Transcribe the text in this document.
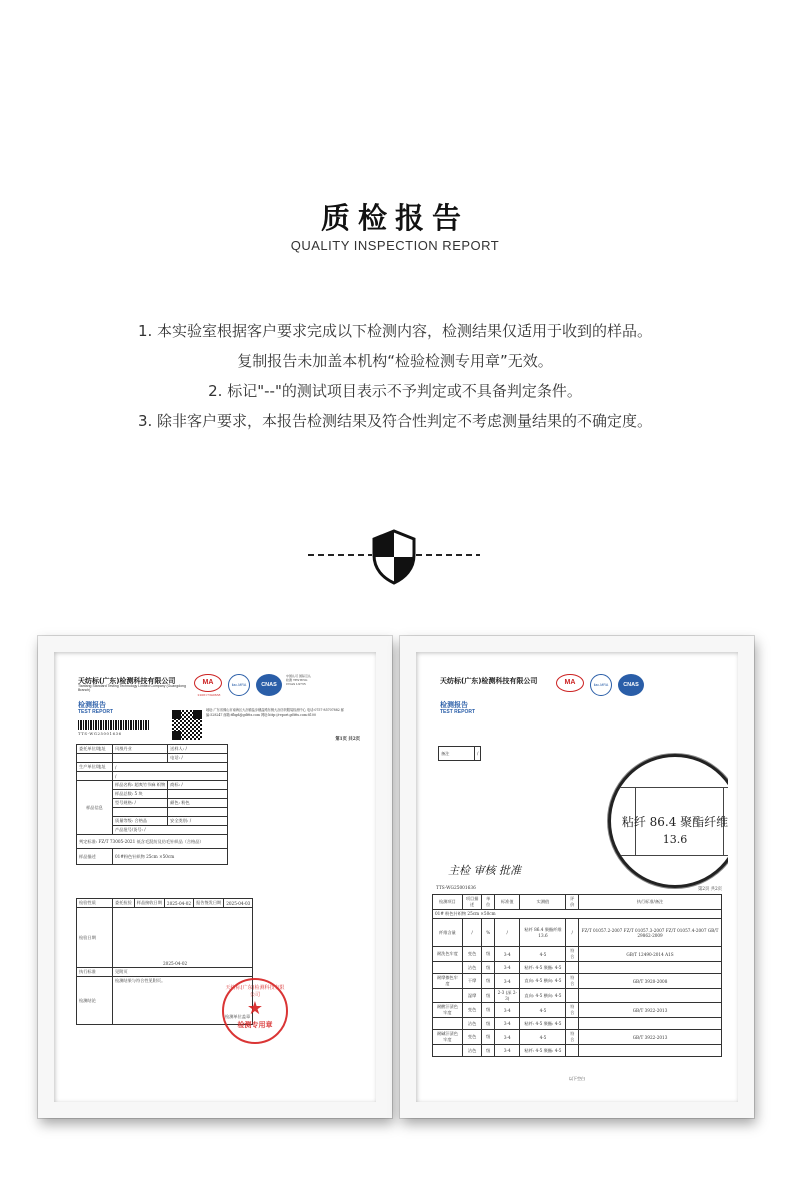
质检报告
QUALITY INSPECTION REPORT
1. 本实验室根据客户要求完成以下检测内容，检测结果仅适用于收到的样品。
复制报告未加盖本机构“检验检测专用章”无效。
2. 标记"--"的测试项目表示不予判定或不具备判定条件。
3. 除非客户要求，本报告检测结果及符合性判定不考虑测量结果的不确定度。
天纺标(广东)检测科技有限公司
Tianfang Standard Testing Technology Limited Company (Guangdong Branch)
检测报告
TEST REPORT
TTS-WG25001636
MA
220617340638
ilac-MRA	CNAS
中国认可 国际互认 检测 TESTING CNAS L9735
地址:广东省佛山市南海区大沥镇盐步穗盐路东侧大沥纺织服装检测中心 电话:0757-85707882 邮编:528247 邮箱:tfbgd@gdttts.com 网址:http://report.gdttts.com:8100
第1页 共2页
委托单位/地址	风凰丹业	送样人: /
		电话: /
生产单位/地址	/	
	/	
样品信息	样品名称: 超爽竹节麻 织物	商标: /
	样品总数: 5 块	
	型号规格: /	颜色: 粉色

	质量等级: 合格品	安全类别: /
	产品批号/货号: /	
判定标准: FZ/T 73005-2021 低含毛混纺及仿毛针织品（合格品）		
样品描述	01#粉色针织物 25cm ×50cm	
检验性质	委托检验	样品接收日期	2025-04-02	报告签发日期	2025-04-03
检验日期	2025-04-02				
执行标准	见附页				
检测结论	检测结果与符合性见附页。
检测单位盖章				
天纺标(广东)检测科技有限公司
★
检测专用章
天纺标(广东)检测科技有限公司
检测报告
TEST REPORT
MA	ilac-MRA	CNAS
备注	/
主检 审核 批准
TTS-WG25001636	第2页 共2页
检测项目	项目描述	单位	标准值	实测值	评价	执行标准/备注
01# 粉色针织物 25cm ×50cm						
纤维含量	/	%	/	粘纤 86.4 聚酯纤维 13.6	/	FZ/T 01057.2-2007 FZ/T 01057.3-2007 FZ/T 01057.4-2007 GB/T 29862-2009
耐洗色牢度	变色	级	3-4	4-5	符合	GB/T 12490-2014 A1S
	沾色	级	3-4	粘纤: 4-5 聚酯: 4-5		
耐摩擦色牢度	干摩	级	3-4	直向: 4-5 横向: 4-5	符合	GB/T 3920-2008
	湿摩	级	2-3 (深 2-3)	直向: 4-5 横向: 4-5		
耐酸汗渍色牢度	变色	级	3-4	4-5	符合	GB/T 3922-2013
	沾色	级	3-4	粘纤: 4-5 聚酯: 4-5		
耐碱汗渍色牢度	变色	级	3-4	4-5	符合	GB/T 3922-2013
	沾色	级	3-4	粘纤: 4-5 聚酯: 4-5		
以下空白
粘纤 86.4 聚酯纤维
13.6
